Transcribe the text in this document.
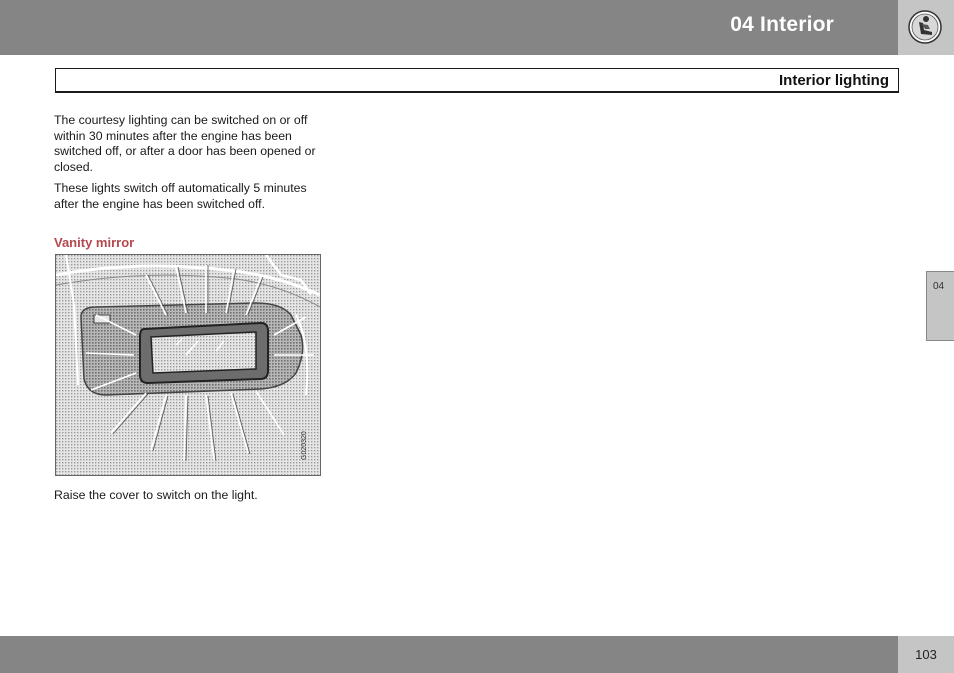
04 Interior
Interior lighting

The courtesy lighting can be switched on or off within 30 minutes after the engine has been switched off, or after a door has been opened or closed.

These lights switch off automatically 5 minutes after the engine has been switched off.

Vanity mirror
G020320
Raise the cover to switch on the light.
04
103
